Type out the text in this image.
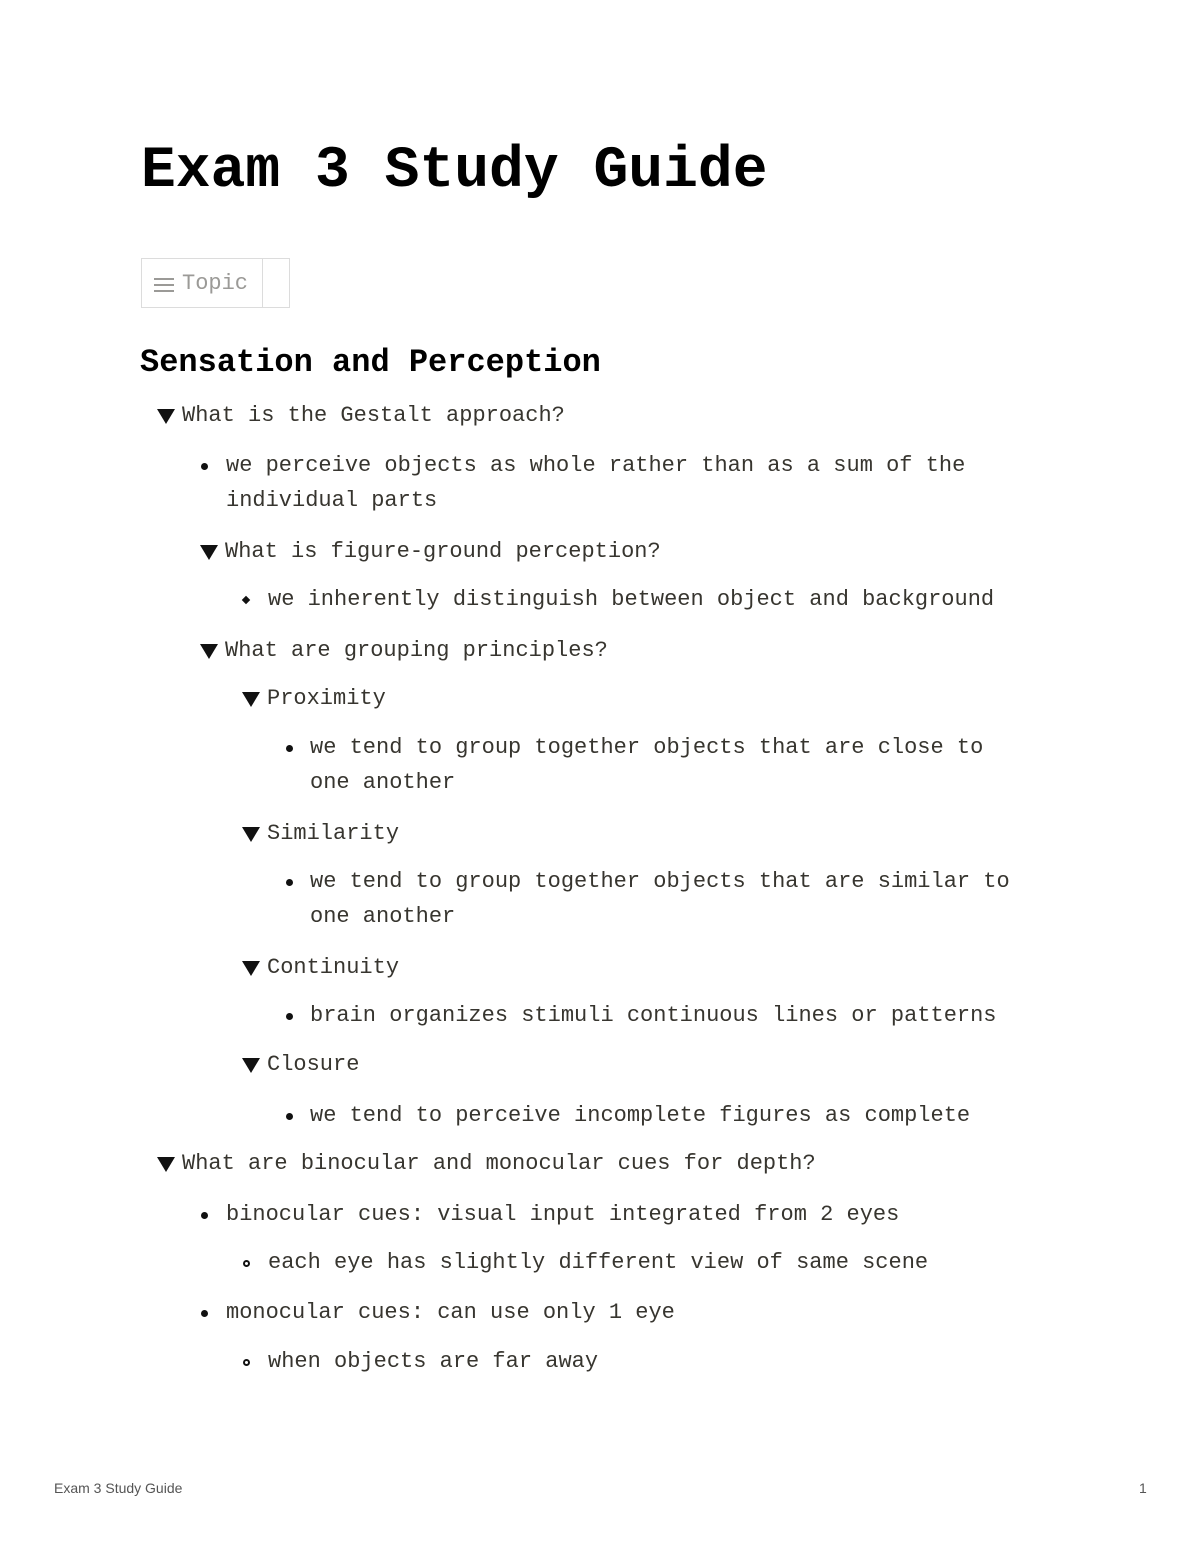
Exam 3 Study Guide
Topic
Sensation and Perception
What is the Gestalt approach?
we perceive objects as whole rather than as a sum of the
individual parts
What is figure-ground perception?
we inherently distinguish between object and background
What are grouping principles?
Proximity
we tend to group together objects that are close to
one another
Similarity
we tend to group together objects that are similar to
one another
Continuity
brain organizes stimuli continuous lines or patterns
Closure
we tend to perceive incomplete figures as complete
What are binocular and monocular cues for depth?
binocular cues: visual input integrated from 2 eyes
each eye has slightly different view of same scene
monocular cues: can use only 1 eye
when objects are far away
Exam 3 Study Guide	1
